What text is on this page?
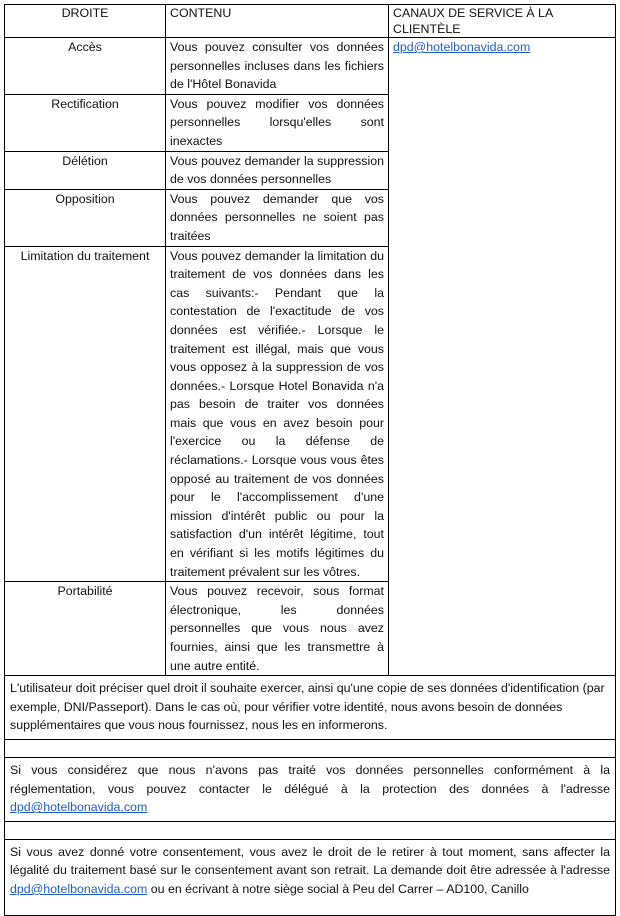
DROITE	CONTENU	CANAUX DE SERVICE À LA CLIENTÈLE
Accès	Vous pouvez consulter vos données personnelles incluses dans les fichiers de l'Hôtel Bonavida	dpd@hotelbonavida.com
Rectification	Vous pouvez modifier vos données personnelles lorsqu'elles sont inexactes	
Délétion	Vous pouvez demander la suppression de vos données personnelles	
Opposition	Vous pouvez demander que vos données personnelles ne soient pas traitées	
Limitation du traitement	Vous pouvez demander la limitation du traitement de vos données dans les cas suivants:- Pendant que la contestation de l'exactitude de vos données est vérifiée.- Lorsque le traitement est illégal, mais que vous vous opposez à la suppression de vos données.- Lorsque Hotel Bonavida n'a pas besoin de traiter vos données mais que vous en avez besoin pour l'exercice ou la défense de réclamations.- Lorsque vous vous êtes opposé au traitement de vos données pour le l'accomplissement d'une mission d'intérêt public ou pour la satisfaction d'un intérêt légitime, tout en vérifiant si les motifs légitimes du traitement prévalent sur les vôtres.	
Portabilité	Vous pouvez recevoir, sous format électronique, les données personnelles que vous nous avez fournies, ainsi que les transmettre à une autre entité.	
L'utilisateur doit préciser quel droit il souhaite exercer, ainsi qu'une copie de ses données d'identification (par exemple, DNI/Passeport). Dans le cas où, pour vérifier votre identité, nous avons besoin de données supplémentaires que vous nous fournissez, nous les en informerons.		

Si vous considérez que nous n'avons pas traité vos données personnelles conformément à la réglementation, vous pouvez contacter le délégué à la protection des données à l'adresse dpd@hotelbonavida.com		

Si vous avez donné votre consentement, vous avez le droit de le retirer à tout moment, sans affecter la légalité du traitement basé sur le consentement avant son retrait. La demande doit être adressée à l'adresse dpd@hotelbonavida.com ou en écrivant à notre siège social à Peu del Carrer – AD100, Canillo		
